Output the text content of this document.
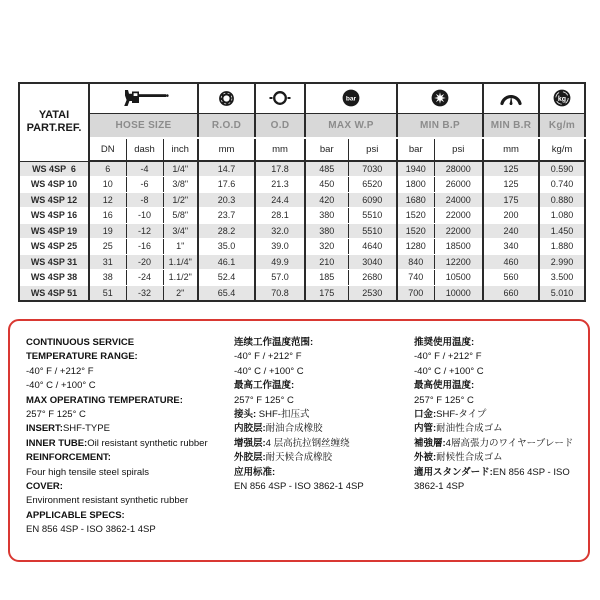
YATAI
PART.REF.						bar					kg

	HOSE SIZE			R.O.D	O.D	MAX W.P		MIN B.P		MIN B.R	Kg/m
	DN	dash	inch	mm	mm	bar	psi	bar	psi	mm	kg/m
WS 4SP  6	6	-4	1/4"	14.7	17.8	485	7030	1940	28000	125	0.590
WS 4SP 10	10	-6	3/8"	17.6	21.3	450	6520	1800	26000	125	0.740
WS 4SP 12	12	-8	1/2"	20.3	24.4	420	6090	1680	24000	175	0.880
WS 4SP 16	16	-10	5/8"	23.7	28.1	380	5510	1520	22000	200	1.080
WS 4SP 19	19	-12	3/4"	28.2	32.0	380	5510	1520	22000	240	1.450
WS 4SP 25	25	-16	1"	35.0	39.0	320	4640	1280	18500	340	1.880
WS 4SP 31	31	-20	1.1/4"	46.1	49.9	210	3040	840	12200	460	2.990
WS 4SP 38	38	-24	1.1/2"	52.4	57.0	185	2680	740	10500	560	3.500
WS 4SP 51	51	-32	2"	65.4	70.8	175	2530	700	10000	660	5.010
CONTINUOUS SERVICE
TEMPERATURE RANGE:
-40° F / +212° F
-40° C / +100° C
MAX OPERATING TEMPERATURE:
257° F 125° C
INSERT:SHF-TYPE
INNER TUBE:Oil resistant synthetic rubber
REINFORCEMENT:
Four high tensile steel spirals
COVER:
Environment resistant synthetic rubber
APPLICABLE SPECS:
EN 856 4SP - ISO 3862-1 4SP
连续工作温度范围:
-40° F / +212° F
-40° C / +100° C
最高工作温度:
257° F 125° C
接头: SHF-扣压式
内胶层:耐油合成橡胶
增强层:4 层高抗拉钢丝缠绕
外胶层:耐天候合成橡胶
应用标准:
EN 856 4SP - ISO 3862-1 4SP
推奨使用温度:
-40° F / +212° F
-40° C / +100° C
最高使用温度:
257° F 125° C
口金:SHF-タイプ
内管:耐油性合成ゴム
補強層:4層高張力のワイヤーブレード
外被:耐候性合成ゴム
適用スタンダード:EN 856 4SP - ISO
3862-1 4SP
